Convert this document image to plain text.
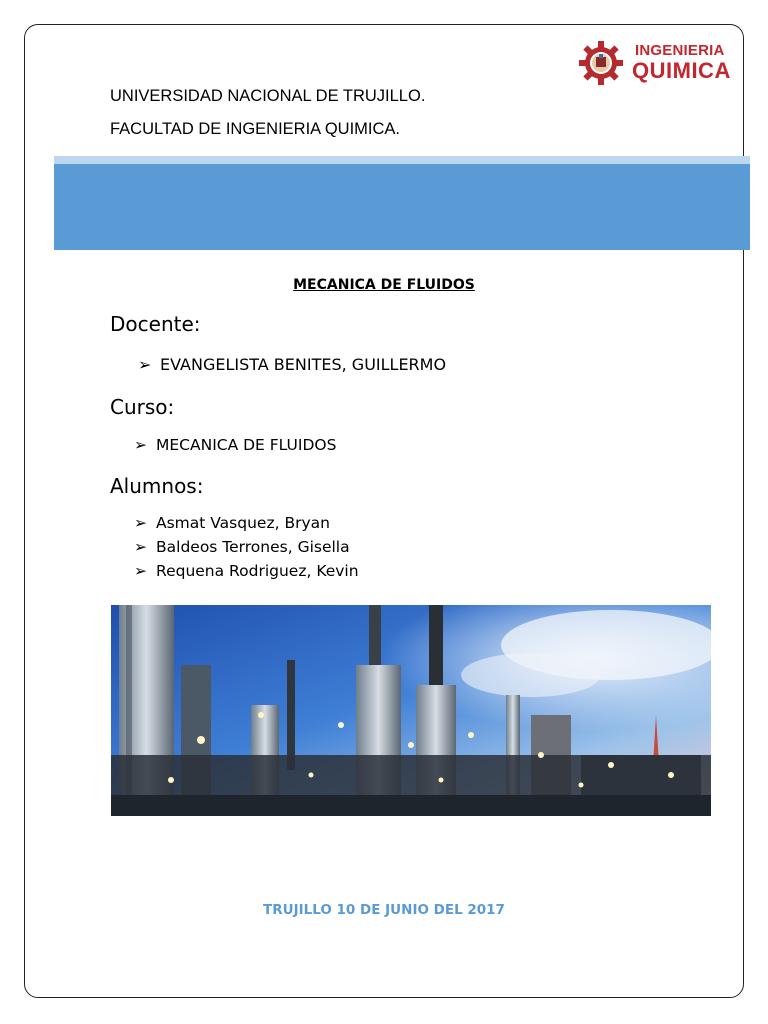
INGENIERIA
QUIMICA
UNIVERSIDAD NACIONAL DE TRUJILLO.
FACULTAD DE INGENIERIA QUIMICA.
MECANICA DE FLUIDOS
Docente:
➢ EVANGELISTA BENITES, GUILLERMO
Curso:
➢ MECANICA DE FLUIDOS
Alumnos:
➢ Asmat Vasquez, Bryan
➢ Baldeos Terrones, Gisella
➢ Requena Rodriguez, Kevin
TRUJILLO 10 DE JUNIO DEL 2017
